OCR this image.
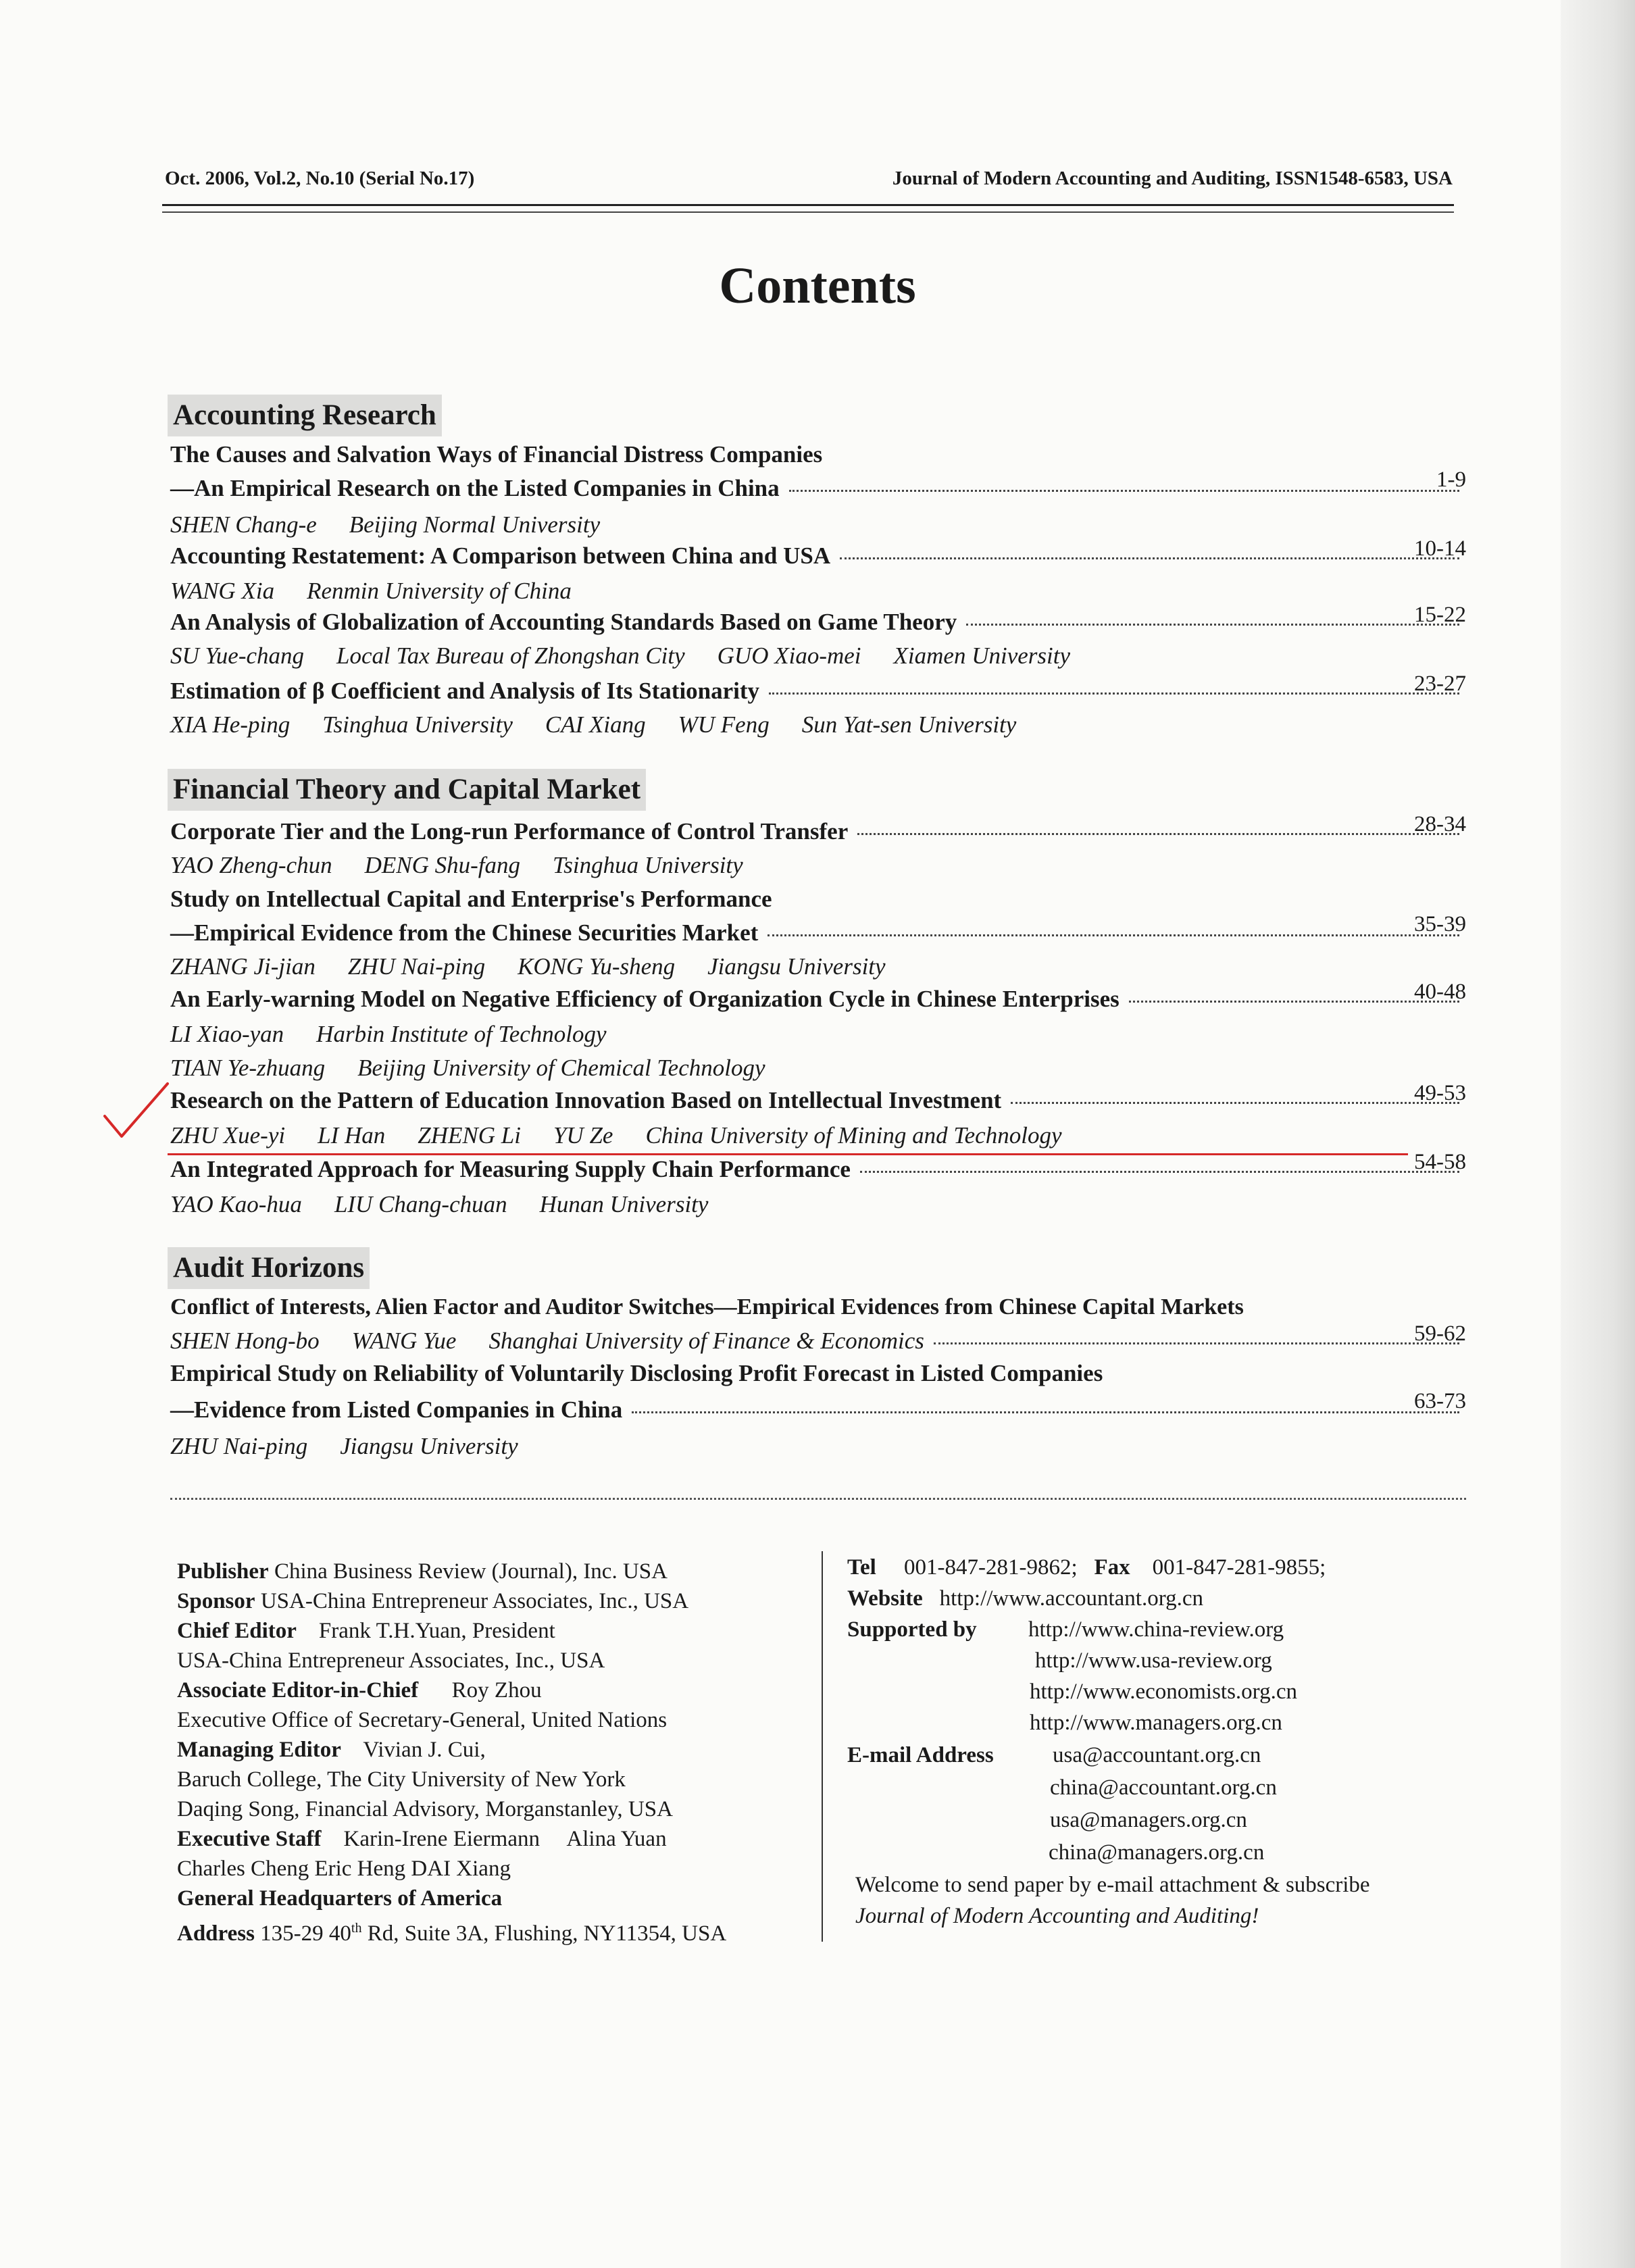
Oct. 2006, Vol.2, No.10 (Serial No.17)	Journal of Modern Accounting and Auditing, ISSN1548-6583, USA
Contents
Accounting Research
The Causes and Salvation Ways of Financial Distress Companies
—An Empirical Research on the Listed Companies in China	1-9
SHEN Chang-e Beijing Normal University
Accounting Restatement: A Comparison between China and USA	10-14
WANG Xia Renmin University of China
An Analysis of Globalization of Accounting Standards Based on Game Theory	15-22
SU Yue-chang Local Tax Bureau of Zhongshan City GUO Xiao-mei Xiamen University
Estimation of β Coefficient and Analysis of Its Stationarity	23-27
XIA He-ping Tsinghua University CAI Xiang WU Feng Sun Yat-sen University
Financial Theory and Capital Market
Corporate Tier and the Long-run Performance of Control Transfer	28-34
YAO Zheng-chun DENG Shu-fang Tsinghua University
Study on Intellectual Capital and Enterprise's Performance
—Empirical Evidence from the Chinese Securities Market	35-39
ZHANG Ji-jian ZHU Nai-ping KONG Yu-sheng Jiangsu University
An Early-warning Model on Negative Efficiency of Organization Cycle in Chinese Enterprises	40-48
LI Xiao-yan Harbin Institute of Technology
TIAN Ye-zhuang Beijing University of Chemical Technology
Research on the Pattern of Education Innovation Based on Intellectual Investment	49-53
ZHU Xue-yi LI Han ZHENG Li YU Ze China University of Mining and Technology
An Integrated Approach for Measuring Supply Chain Performance	54-58
YAO Kao-hua LIU Chang-chuan Hunan University
Audit Horizons
Conflict of Interests, Alien Factor and Auditor Switches—Empirical Evidences from Chinese Capital Markets
SHEN Hong-bo WANG Yue Shanghai University of Finance & Economics	59-62
Empirical Study on Reliability of Voluntarily Disclosing Profit Forecast in Listed Companies
—Evidence from Listed Companies in China	63-73
ZHU Nai-ping Jiangsu University
Publisher China Business Review (Journal), Inc. USA
Sponsor USA-China Entrepreneur Associates, Inc., USA
Chief Editor Frank T.H.Yuan, President
USA-China Entrepreneur Associates, Inc., USA
Associate Editor-in-Chief Roy Zhou
Executive Office of Secretary-General, United Nations
Managing Editor Vivian J. Cui,
Baruch College, The City University of New York
Daqing Song, Financial Advisory, Morganstanley, USA
Executive Staff Karin-Irene Eiermann Alina Yuan
Charles Cheng Eric Heng DAI Xiang
General Headquarters of America
Address 135-29 40th Rd, Suite 3A, Flushing, NY11354, USA
Tel 001-847-281-9862; Fax 001-847-281-9855;
Website http://www.accountant.org.cn
Supported by http://www.china-review.org
http://www.usa-review.org
http://www.economists.org.cn
http://www.managers.org.cn
E-mail Address	usa@accountant.org.cn
china@accountant.org.cn
usa@managers.org.cn
china@managers.org.cn
Welcome to send paper by e-mail attachment & subscribe
Journal of Modern Accounting and Auditing!
